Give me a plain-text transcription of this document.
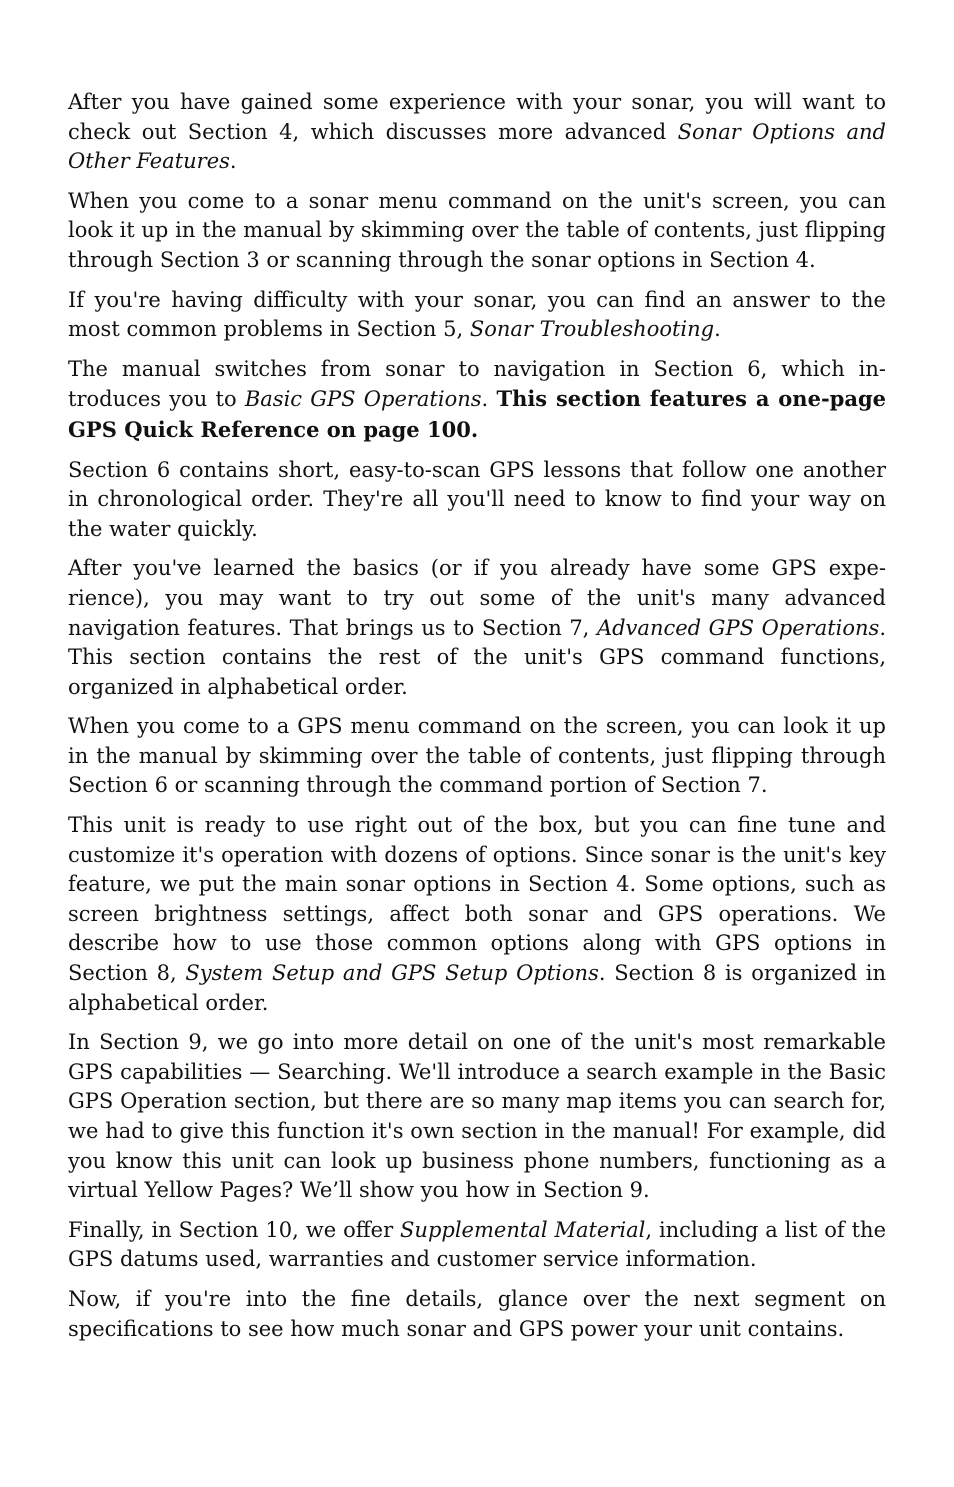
After you have gained some experience with your sonar, you will want to check out Section 4, which discusses more advanced Sonar Options and Other Features.

When you come to a sonar menu command on the unit's screen, you can look it up in the manual by skimming over the table of contents, just flipping through Section 3 or scanning through the sonar options in Section 4.

If you're having difficulty with your sonar, you can find an answer to the most common problems in Section 5, Sonar Troubleshooting.

The manual switches from sonar to navigation in Section 6, which introduces you to Basic GPS Operations. This section features a one-page GPS Quick Reference on page 100.

Section 6 contains short, easy-to-scan GPS lessons that follow one another in chronological order. They're all you'll need to know to find your way on the water quickly.

After you've learned the basics (or if you already have some GPS experience), you may want to try out some of the unit's many advanced navigation features. That brings us to Section 7, Advanced GPS Operations. This section contains the rest of the unit's GPS command functions, organized in alphabetical order.

When you come to a GPS menu command on the screen, you can look it up in the manual by skimming over the table of contents, just flipping through Section 6 or scanning through the command portion of Section 7.

This unit is ready to use right out of the box, but you can fine tune and customize it's operation with dozens of options. Since sonar is the unit's key feature, we put the main sonar options in Section 4. Some options, such as screen brightness settings, affect both sonar and GPS operations. We describe how to use those common options along with GPS options in Section 8, System Setup and GPS Setup Options. Section 8 is organized in alphabetical order.

In Section 9, we go into more detail on one of the unit's most remarkable GPS capabilities — Searching. We'll introduce a search example in the Basic GPS Operation section, but there are so many map items you can search for, we had to give this function it's own section in the manual! For example, did you know this unit can look up business phone numbers, functioning as a virtual Yellow Pages? We’ll show you how in Section 9.

Finally, in Section 10, we offer Supplemental Material, including a list of the GPS datums used, warranties and customer service information.

Now, if you're into the fine details, glance over the next segment on specifications to see how much sonar and GPS power your unit contains.
